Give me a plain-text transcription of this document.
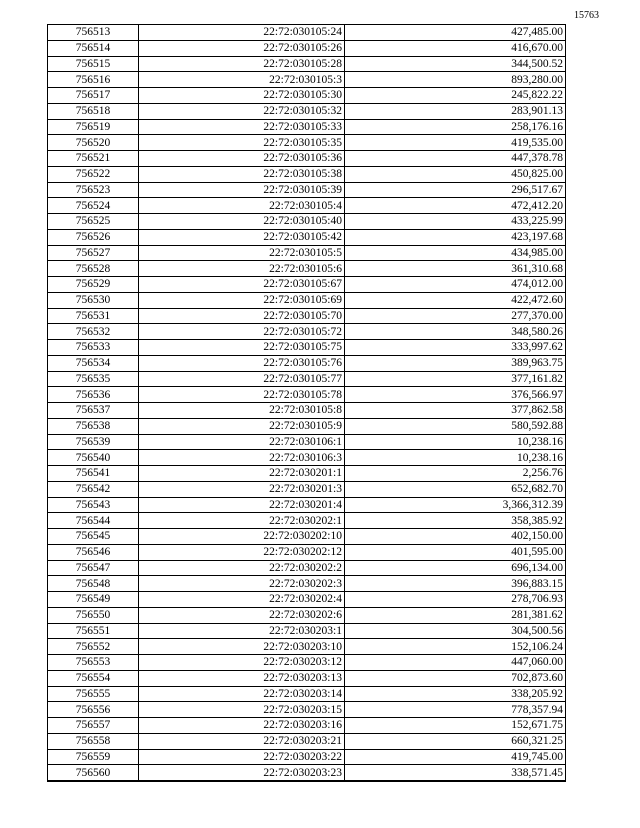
15763
756513	22:72:030105:24	427,485.00
756514	22:72:030105:26	416,670.00
756515	22:72:030105:28	344,500.52
756516	22:72:030105:3	893,280.00
756517	22:72:030105:30	245,822.22
756518	22:72:030105:32	283,901.13
756519	22:72:030105:33	258,176.16
756520	22:72:030105:35	419,535.00
756521	22:72:030105:36	447,378.78
756522	22:72:030105:38	450,825.00
756523	22:72:030105:39	296,517.67
756524	22:72:030105:4	472,412.20
756525	22:72:030105:40	433,225.99
756526	22:72:030105:42	423,197.68
756527	22:72:030105:5	434,985.00
756528	22:72:030105:6	361,310.68
756529	22:72:030105:67	474,012.00
756530	22:72:030105:69	422,472.60
756531	22:72:030105:70	277,370.00
756532	22:72:030105:72	348,580.26
756533	22:72:030105:75	333,997.62
756534	22:72:030105:76	389,963.75
756535	22:72:030105:77	377,161.82
756536	22:72:030105:78	376,566.97
756537	22:72:030105:8	377,862.58
756538	22:72:030105:9	580,592.88
756539	22:72:030106:1	10,238.16
756540	22:72:030106:3	10,238.16
756541	22:72:030201:1	2,256.76
756542	22:72:030201:3	652,682.70
756543	22:72:030201:4	3,366,312.39
756544	22:72:030202:1	358,385.92
756545	22:72:030202:10	402,150.00
756546	22:72:030202:12	401,595.00
756547	22:72:030202:2	696,134.00
756548	22:72:030202:3	396,883.15
756549	22:72:030202:4	278,706.93
756550	22:72:030202:6	281,381.62
756551	22:72:030203:1	304,500.56
756552	22:72:030203:10	152,106.24
756553	22:72:030203:12	447,060.00
756554	22:72:030203:13	702,873.60
756555	22:72:030203:14	338,205.92
756556	22:72:030203:15	778,357.94
756557	22:72:030203:16	152,671.75
756558	22:72:030203:21	660,321.25
756559	22:72:030203:22	419,745.00
756560	22:72:030203:23	338,571.45
